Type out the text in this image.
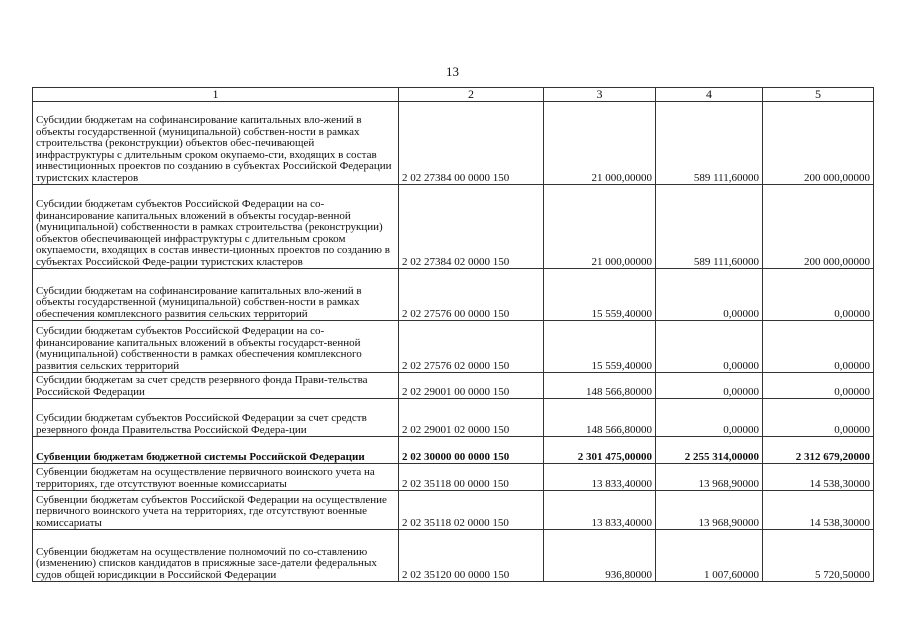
13
1	2	3	4	5
Субсидии бюджетам на софинансирование капитальных вло-жений в объекты государственной (муниципальной) собствен-ности в рамках строительства (реконструкции) объектов обес-печивающей инфраструктуры с длительным сроком окупаемо-сти, входящих в состав инвестиционных проектов по созданию в субъектах Российской Федерации туристских кластеров	2 02 27384 00 0000 150	21 000,00000	589 111,60000	200 000,00000
Субсидии бюджетам субъектов Российской Федерации на со-финансирование капитальных вложений в объекты государ-венной (муниципальной) собственности в рамках строительства (реконструкции) объектов обеспечивающей инфраструктуры с длительным сроком окупаемости, входящих в состав инвести-ционных проектов по созданию в субъектах Российской Феде-рации туристских кластеров	2 02 27384 02 0000 150	21 000,00000	589 111,60000	200 000,00000
Субсидии бюджетам на софинансирование капитальных вло-жений в объекты государственной (муниципальной) собствен-ности в рамках обеспечения комплексного развития сельских территорий	2 02 27576 00 0000 150	15 559,40000	0,00000	0,00000
Субсидии бюджетам субъектов Российской Федерации на со-финансирование капитальных вложений в объекты государст-венной (муниципальной) собственности в рамках обеспечения комплексного развития сельских территорий	2 02 27576 02 0000 150	15 559,40000	0,00000	0,00000
Субсидии бюджетам за счет средств резервного фонда Прави-тельства Российской Федерации	2 02 29001 00 0000 150	148 566,80000	0,00000	0,00000
Субсидии бюджетам субъектов Российской Федерации за счет средств резервного фонда Правительства Российской Федера-ции	2 02 29001 02 0000 150	148 566,80000	0,00000	0,00000
Субвенции бюджетам бюджетной системы Российской Федерации	2 02 30000 00 0000 150	2 301 475,00000	2 255 314,00000	2 312 679,20000
Субвенции бюджетам на осуществление первичного воинского учета на территориях, где отсутствуют военные комиссариаты	2 02 35118 00 0000 150	13 833,40000	13 968,90000	14 538,30000
Субвенции бюджетам субъектов Российской Федерации на осуществление первичного воинского учета на территориях, где отсутствуют военные комиссариаты	2 02 35118 02 0000 150	13 833,40000	13 968,90000	14 538,30000
Субвенции бюджетам на осуществление полномочий по со-ставлению (изменению) списков кандидатов в присяжные засе-датели федеральных судов общей юрисдикции в Российской Федерации	2 02 35120 00 0000 150	936,80000	1 007,60000	5 720,50000
